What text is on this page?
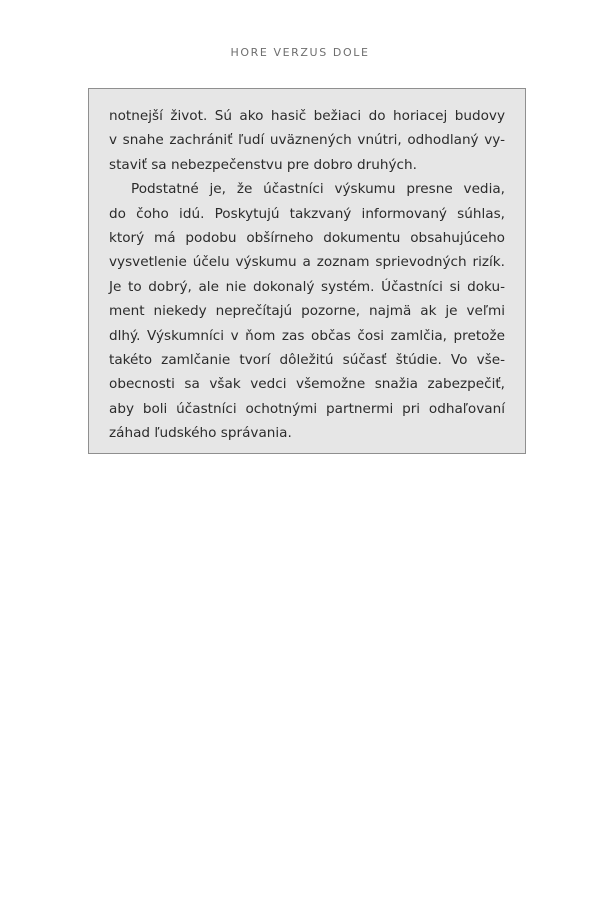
HORE VERZUS DOLE
notnejší život. Sú ako hasič bežiaci do horiacej budovy
v snahe zachrániť ľudí uväznených vnútri, odhodlaný vy-
staviť sa nebezpečenstvu pre dobro druhých.
Podstatné je, že účastníci výskumu presne vedia,
do čoho idú. Poskytujú takzvaný informovaný súhlas,
ktorý má podobu obšírneho dokumentu obsahujúceho
vysvetlenie účelu výskumu a zoznam sprievodných rizík.
Je to dobrý, ale nie dokonalý systém. Účastníci si doku-
ment niekedy neprečítajú pozorne, najmä ak je veľmi
dlhý. Výskumníci v ňom zas občas čosi zamlčia, pretože
takéto zamlčanie tvorí dôležitú súčasť štúdie. Vo vše-
obecnosti sa však vedci všemožne snažia zabezpečiť,
aby boli účastníci ochotnými partnermi pri odhaľovaní
záhad ľudského správania.
